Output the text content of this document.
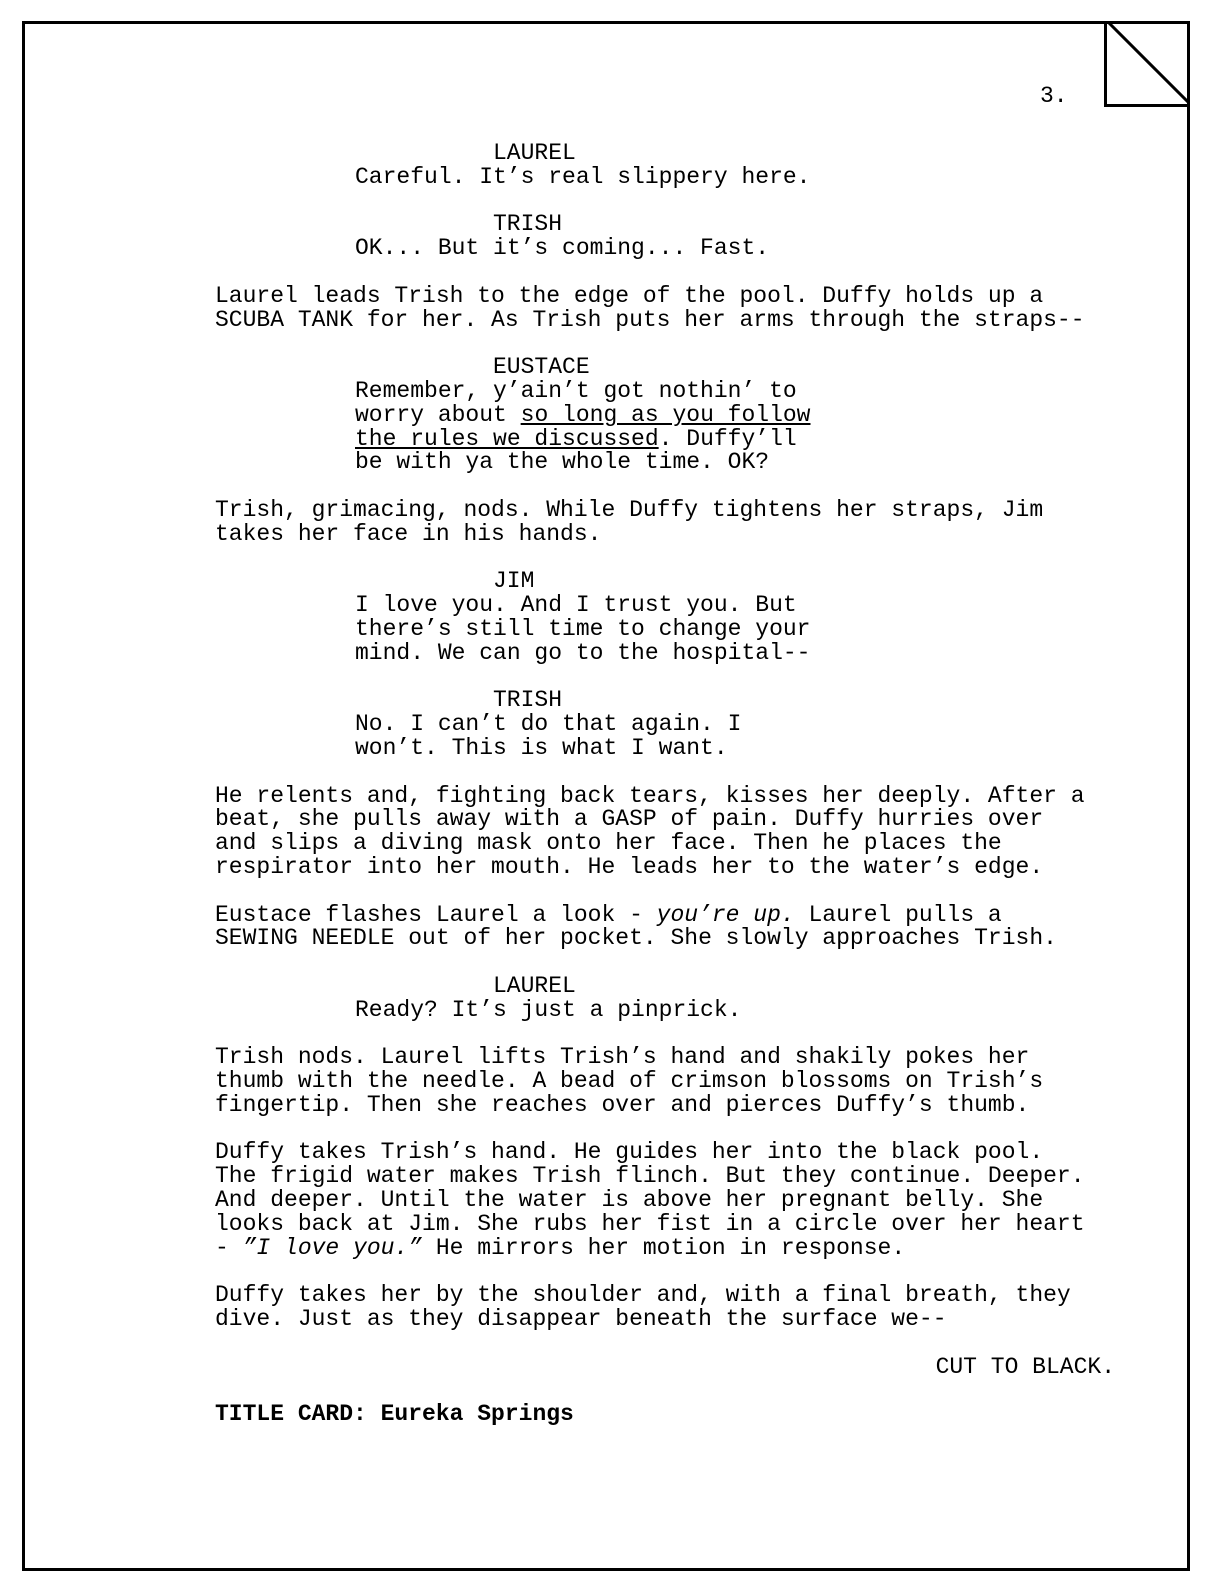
3.
LAUREL
Careful. It’s real slippery here.
TRISH
OK... But it’s coming... Fast.
Laurel leads Trish to the edge of the pool. Duffy holds up a
SCUBA TANK for her. As Trish puts her arms through the straps--
EUSTACE
Remember, y’ain’t got nothin’ to
worry about so long as you follow
the rules we discussed. Duffy’ll
be with ya the whole time. OK?
Trish, grimacing, nods. While Duffy tightens her straps, Jim
takes her face in his hands.
JIM
I love you. And I trust you. But
there’s still time to change your
mind. We can go to the hospital--
TRISH
No. I can’t do that again. I
won’t. This is what I want.
He relents and, fighting back tears, kisses her deeply. After a
beat, she pulls away with a GASP of pain. Duffy hurries over
and slips a diving mask onto her face. Then he places the
respirator into her mouth. He leads her to the water’s edge.
Eustace flashes Laurel a look - you’re up. Laurel pulls a
SEWING NEEDLE out of her pocket. She slowly approaches Trish.
LAUREL
Ready? It’s just a pinprick.
Trish nods. Laurel lifts Trish’s hand and shakily pokes her
thumb with the needle. A bead of crimson blossoms on Trish’s
fingertip. Then she reaches over and pierces Duffy’s thumb.
Duffy takes Trish’s hand. He guides her into the black pool.
The frigid water makes Trish flinch. But they continue. Deeper.
And deeper. Until the water is above her pregnant belly. She
looks back at Jim. She rubs her fist in a circle over her heart
- ”I love you.” He mirrors her motion in response.
Duffy takes her by the shoulder and, with a final breath, they
dive. Just as they disappear beneath the surface we--
CUT TO BLACK.
TITLE CARD: Eureka Springs
